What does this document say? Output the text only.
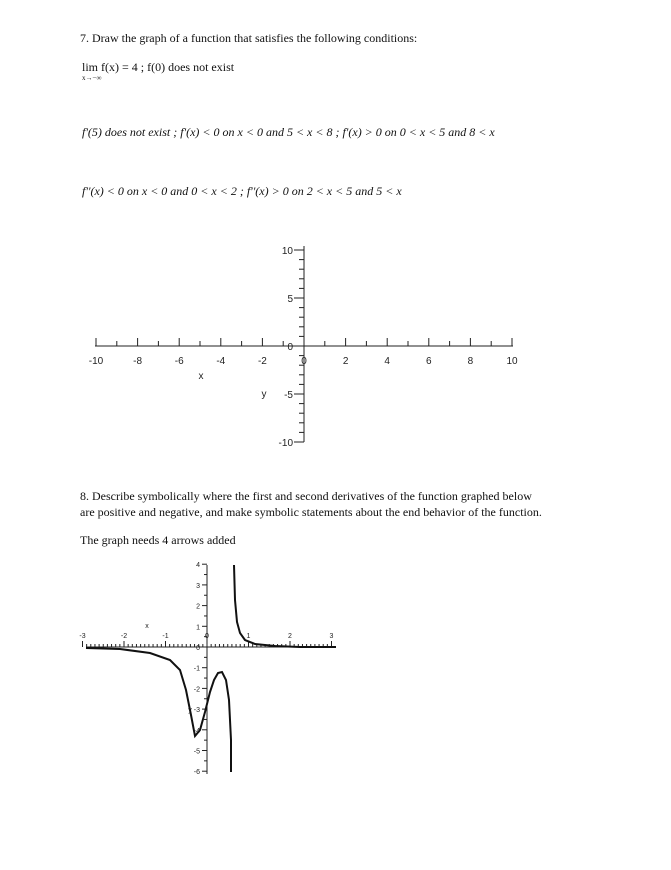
7. Draw the graph of a function that satisfies the following conditions:
lim f(x) = 4 ; f(0) does not exist
x→−∞
f'(5) does not exist ; f'(x) < 0 on x < 0 and 5 < x < 8 ; f'(x) > 0 on 0 < x < 5 and 8 < x
f''(x) < 0 on x < 0 and 0 < x < 2 ; f''(x) > 0 on 2 < x < 5 and 5 < x
-10	-8	-6	-4	-2	0	2	4	6	8	10
10
5
0
-5
-10
x
y
8. Describe symbolically where the first and second derivatives of the function graphed below
are positive and negative, and make symbolic statements about the end behavior of the function.
The graph needs 4 arrows added
-3	-2	-1	0	1	2	3
4
3
2
1
0
-1
-2
-3
-4
-5
-6
x
y
